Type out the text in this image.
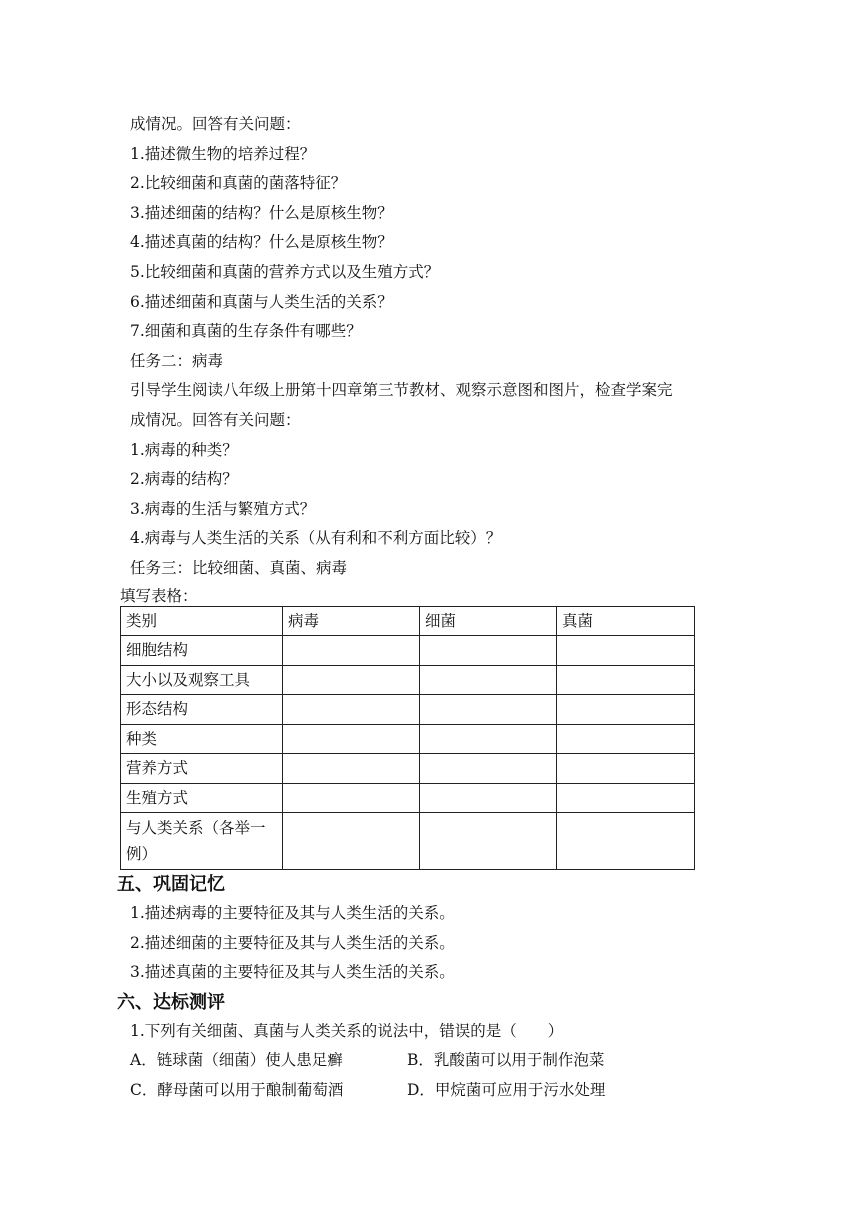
成情况。回答有关问题：
1.描述微生物的培养过程？
2.比较细菌和真菌的菌落特征？
3.描述细菌的结构？什么是原核生物？
4.描述真菌的结构？什么是原核生物？
5.比较细菌和真菌的营养方式以及生殖方式？
6.描述细菌和真菌与人类生活的关系？
7.细菌和真菌的生存条件有哪些？
任务二：病毒
引导学生阅读八年级上册第十四章第三节教材、观察示意图和图片，检查学案完
成情况。回答有关问题：
1.病毒的种类？
2.病毒的结构？
3.病毒的生活与繁殖方式？
4.病毒与人类生活的关系（从有利和不利方面比较）？
任务三：比较细菌、真菌、病毒
填写表格：
类别	病毒	细菌	真菌
细胞结构			
大小以及观察工具			
形态结构			
种类			
营养方式			
生殖方式			
与人类关系（各举一例）			
五、巩固记忆
1.描述病毒的主要特征及其与人类生活的关系。
2.描述细菌的主要特征及其与人类生活的关系。
3.描述真菌的主要特征及其与人类生活的关系。
六、达标测评
1.下列有关细菌、真菌与人类关系的说法中，错误的是（　　）
A．链球菌（细菌）使人患足癣	B．乳酸菌可以用于制作泡菜
C．酵母菌可以用于酿制葡萄酒	D．甲烷菌可应用于污水处理
